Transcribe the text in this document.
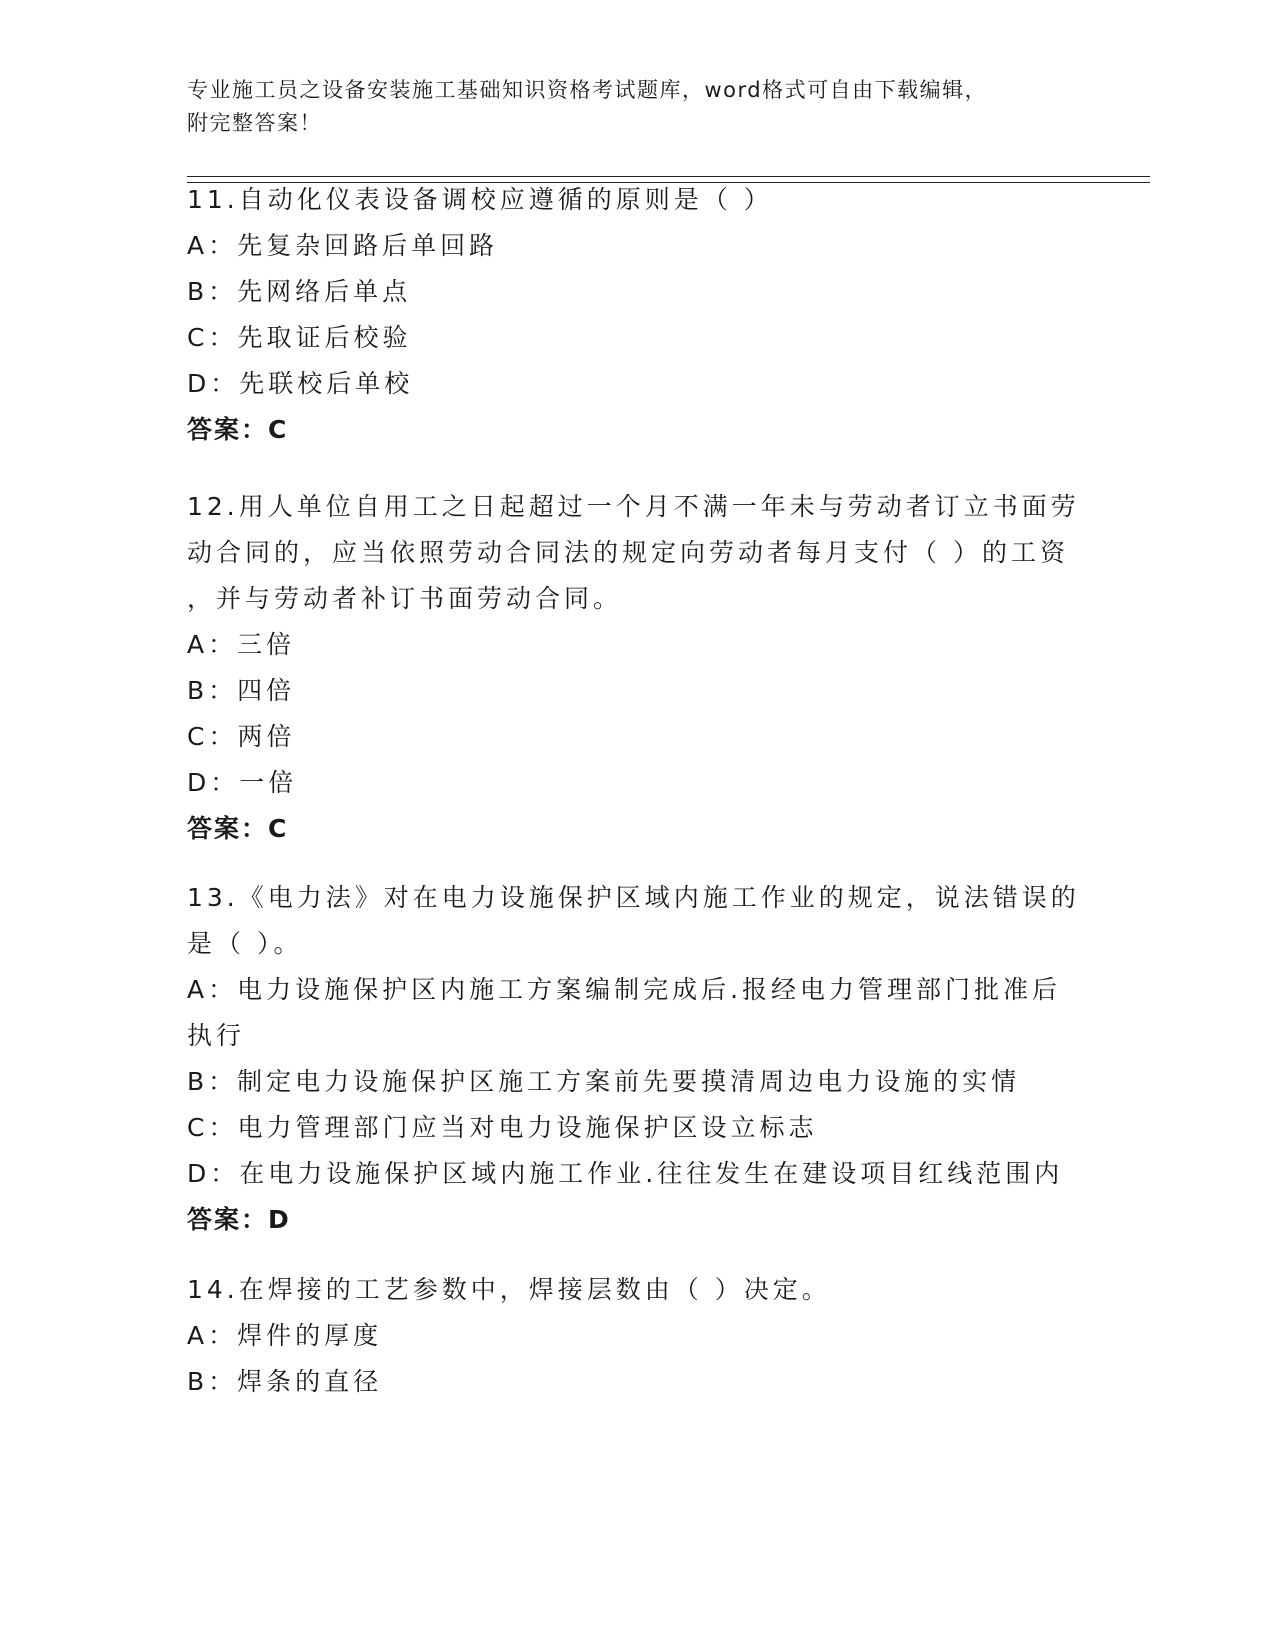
专业施工员之设备安装施工基础知识资格考试题库，word格式可自由下载编辑，
附完整答案！
11.自动化仪表设备调校应遵循的原则是（ ）
A：先复杂回路后单回路
B：先网络后单点
C：先取证后校验
D：先联校后单校
答案：C
12.用人单位自用工之日起超过一个月不满一年未与劳动者订立书面劳
动合同的，应当依照劳动合同法的规定向劳动者每月支付（ ）的工资
，并与劳动者补订书面劳动合同。
A：三倍
B：四倍
C：两倍
D：一倍
答案：C
13.《电力法》对在电力设施保护区域内施工作业的规定，说法错误的
是（ ）。
A：电力设施保护区内施工方案编制完成后.报经电力管理部门批准后
执行
B：制定电力设施保护区施工方案前先要摸清周边电力设施的实情
C：电力管理部门应当对电力设施保护区设立标志
D：在电力设施保护区域内施工作业.往往发生在建设项目红线范围内
答案：D
14.在焊接的工艺参数中，焊接层数由（ ）决定。
A：焊件的厚度
B：焊条的直径
